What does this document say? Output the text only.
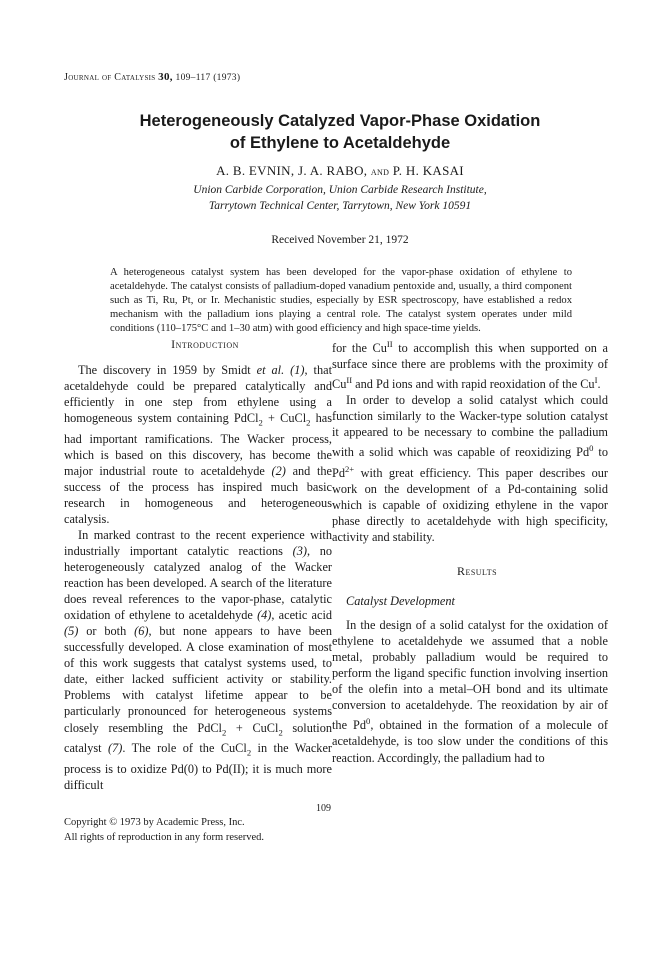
Journal of Catalysis 30, 109–117 (1973)
Heterogeneously Catalyzed Vapor-Phase Oxidation
of Ethylene to Acetaldehyde
A. B. EVNIN, J. A. RABO, and P. H. KASAI
Union Carbide Corporation, Union Carbide Research Institute,
Tarrytown Technical Center, Tarrytown, New York 10591
Received November 21, 1972
A heterogeneous catalyst system has been developed for the vapor-phase oxidation of ethylene to acetaldehyde. The catalyst consists of palladium-doped vanadium pentoxide and, usually, a third component such as Ti, Ru, Pt, or Ir. Mechanistic studies, especially by ESR spectroscopy, have established a redox mechanism with the palladium ions playing a central role. The catalyst system operates under mild conditions (110–175°C and 1–30 atm) with good efficiency and high space-time yields.

Introduction

The discovery in 1959 by Smidt et al. (1), that acetaldehyde could be prepared catalytically and efficiently in one step from ethylene using a homogeneous system containing PdCl$_2$ + CuCl$_2$ has had important ramifications. The Wacker process, which is based on this discovery, has become the major industrial route to acetaldehyde (2) and the success of the process has inspired much basic research in homogeneous and heterogeneous catalysis.

In marked contrast to the recent experience with industrially important catalytic reactions (3), no heterogeneously catalyzed analog of the Wacker reaction has been developed. A search of the literature does reveal references to the vapor-phase, catalytic oxidation of ethylene to acetaldehyde (4), acetic acid (5) or both (6), but none appears to have been successfully developed. A close examination of most of this work suggests that catalyst systems used, to date, either lacked sufficient activity or stability. Problems with catalyst lifetime appear to be particularly pronounced for heterogeneous systems closely resembling the PdCl$_2$ + CuCl$_2$ solution catalyst (7). The role of the CuCl$_2$ in the Wacker process is to oxidize Pd(0) to Pd(II); it is much more difficult

for the $Cu^{II}$ to accomplish this when supported on a surface since there are problems with the proximity of $Cu^{II}$ and Pd ions and with rapid reoxidation of the $Cu^I$.

In order to develop a solid catalyst which could function similarly to the Wacker-type solution catalyst it appeared to be necessary to combine the palladium with a solid which was capable of reoxidizing Pd$^0$ to $Pd^{2+}$ with great efficiency. This paper describes our work on the development of a Pd-containing solid which is capable of oxidizing ethylene in the vapor phase directly to acetaldehyde with high specificity, activity and stability.

Results

Catalyst Development

In the design of a solid catalyst for the oxidation of ethylene to acetaldehyde we assumed that a noble metal, probably palladium would be required to perform the ligand specific function involving insertion of the olefin into a metal–OH bond and its ultimate conversion to acetaldehyde. The reoxidation by air of the Pd$^0$, obtained in the formation of a molecule of acetaldehyde, is too slow under the conditions of this reaction. Accordingly, the palladium had to

109
Copyright © 1973 by Academic Press, Inc.
All rights of reproduction in any form reserved.
